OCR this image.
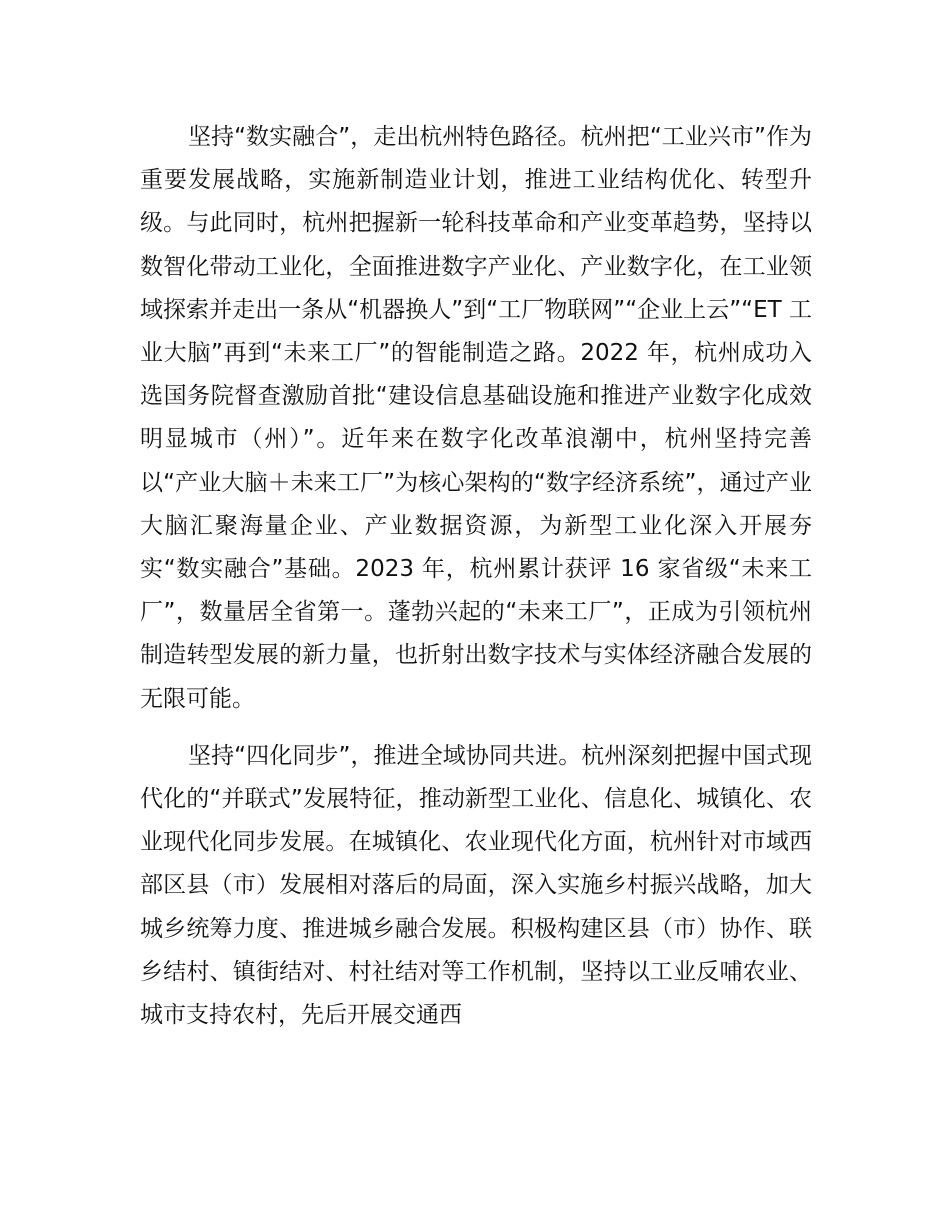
坚持“数实融合”，走出杭州特色路径。杭州把“工业兴市”作为重要发展战略，实施新制造业计划，推进工业结构优化、转型升级。与此同时，杭州把握新一轮科技革命和产业变革趋势，坚持以数智化带动工业化，全面推进数字产业化、产业数字化，在工业领域探索并走出一条从“机器换人”到“工厂物联网”“企业上云”“ET 工业大脑”再到“未来工厂”的智能制造之路。2022 年，杭州成功入选国务院督查激励首批“建设信息基础设施和推进产业数字化成效明显城市（州）”。近年来在数字化改革浪潮中，杭州坚持完善以“产业大脑＋未来工厂”为核心架构的“数字经济系统”，通过产业大脑汇聚海量企业、产业数据资源，为新型工业化深入开展夯实“数实融合”基础。2023 年，杭州累计获评 16 家省级“未来工厂”，数量居全省第一。蓬勃兴起的“未来工厂”，正成为引领杭州制造转型发展的新力量，也折射出数字技术与实体经济融合发展的无限可能。

坚持“四化同步”，推进全域协同共进。杭州深刻把握中国式现代化的“并联式”发展特征，推动新型工业化、信息化、城镇化、农业现代化同步发展。在城镇化、农业现代化方面，杭州针对市域西部区县（市）发展相对落后的局面，深入实施乡村振兴战略，加大城乡统筹力度、推进城乡融合发展。积极构建区县（市）协作、联乡结村、镇街结对、村社结对等工作机制，坚持以工业反哺农业、城市支持农村，先后开展交通西
